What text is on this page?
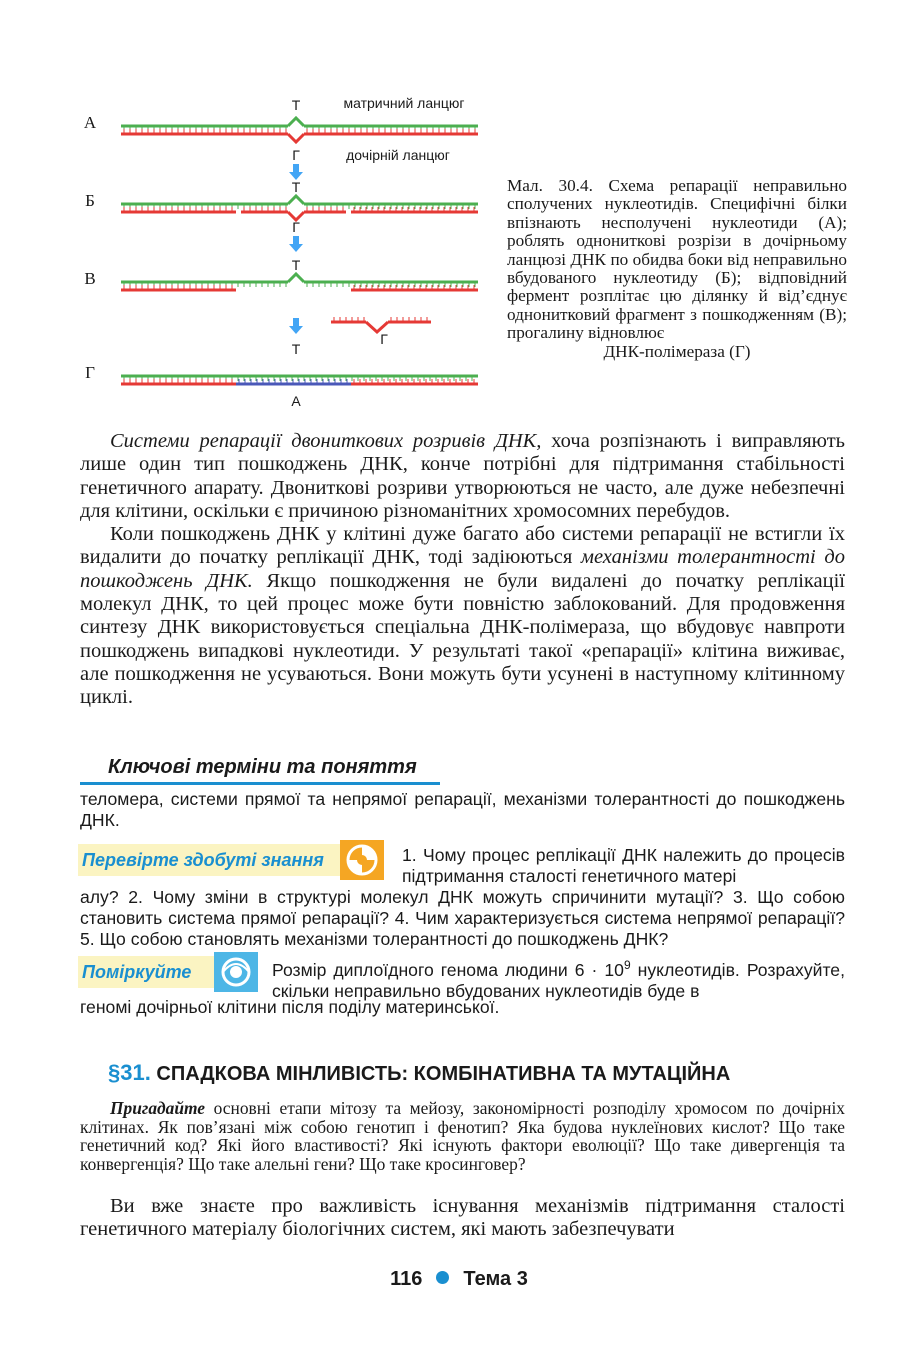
А
Б
В
Г
Т
Г
матричний ланцюг
дочірній ланцюг
Т
Г
Т
Т
Г
А
Мал. 30.4. Схема репарації неправильно сполучених нуклеотидів. Специфічні білки впізнають несполучені нуклеотиди (А); роблять однониткові розрізи в дочірньому ланцюзі ДНК по обидва боки від неправильно вбудованого нуклеотиду (Б); відповідний фермент розплітає цю ділянку й від’єднує однонитковий фрагмент з пошкодженням (В); прогалину відновлює
ДНК-полімераза (Г)

Системи репарації двониткових розривів ДНК, хоча розпізнають і виправляють лише один тип пошкоджень ДНК, конче потрібні для підтримання стабільності генетичного апарату. Двониткові розриви утворюються не часто, але дуже небезпечні для клітини, оскільки є причиною різноманітних хромосомних перебудов.

Коли пошкоджень ДНК у клітині дуже багато або системи репарації не встигли їх видалити до початку реплікації ДНК, тоді задіюються механізми толерантності до пошкоджень ДНК. Якщо пошкодження не були видалені до початку реплікації молекул ДНК, то цей процес може бути повністю заблокований. Для продовження синтезу ДНК використовується спеціальна ДНК-полімераза, що вбудовує навпроти пошкоджень випадкові нуклеотиди. У результаті такої «репарації» клітина виживає, але пошкодження не усуваються. Вони можуть бути усунені в наступному клітинному циклі.

Ключові терміни та поняття
теломера, системи прямої та непрямої репарації, механізми толерантності до пошкоджень ДНК.
Перевірте здобуті знання	1. Чому процес реплікації ДНК належить до процесів підтримання сталості генетичного матері
алу? 2. Чому зміни в структурі молекул ДНК можуть спричинити мутації? 3. Що собою становить система прямої репарації? 4. Чим характеризується система непрямої репарації? 5. Що собою становлять механізми толерантності до пошкоджень ДНК?
Поміркуйте	Розмір диплоїдного генома людини $6 \cdot 10^9$ нуклеотидів. Розрахуйте, скільки неправильно вбудованих нуклеотидів буде в
геномі дочірньої клітини після поділу материнської.
§31. СПАДКОВА МІНЛИВІСТЬ: КОМБІНАТИВНА ТА МУТАЦІЙНА

Пригадайте основні етапи мітозу та мейозу, закономірності розподілу хромосом по дочірніх клітинах. Як пов’язані між собою генотип і фенотип? Яка будова нуклеїнових кислот? Що таке генетичний код? Які його властивості? Які існують фактори еволюції? Що таке дивергенція та конвергенція? Що таке алельні гени? Що таке кросинговер?

Ви вже знаєте про важливість існування механізмів підтримання сталості генетичного матеріалу біологічних систем, які мають забезпечувати

116 Тема 3
